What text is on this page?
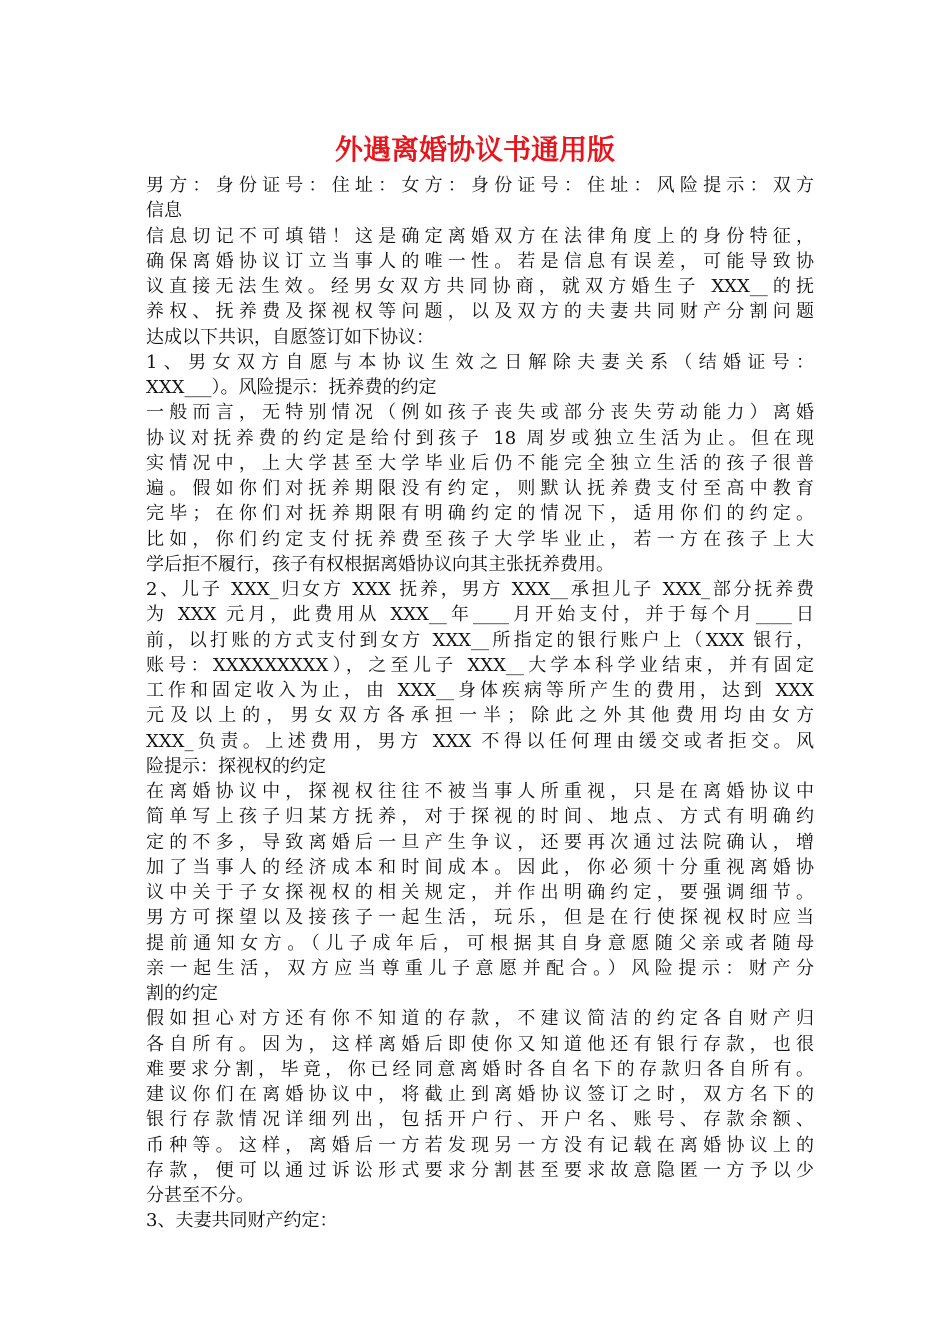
外遇离婚协议书通用版
男方：身份证号：住址：女方：身份证号：住址：风险提示：双方
信息
信息切记不可填错！这是确定离婚双方在法律角度上的身份特征，
确保离婚协议订立当事人的唯一性。若是信息有误差，可能导致协
议直接无法生效。经男女双方共同协商，就双方婚生子 XXX__的抚
养权、抚养费及探视权等问题，以及双方的夫妻共同财产分割问题
达成以下共识，自愿签订如下协议：
1、男女双方自愿与本协议生效之日解除夫妻关系（结婚证号：
XXX___）。风险提示：抚养费的约定
一般而言，无特别情况（例如孩子丧失或部分丧失劳动能力）离婚
协议对抚养费的约定是给付到孩子 18 周岁或独立生活为止。但在现
实情况中，上大学甚至大学毕业后仍不能完全独立生活的孩子很普
遍。假如你们对抚养期限没有约定，则默认抚养费支付至高中教育
完毕；在你们对抚养期限有明确约定的情况下，适用你们的约定。
比如，你们约定支付抚养费至孩子大学毕业止，若一方在孩子上大
学后拒不履行，孩子有权根据离婚协议向其主张抚养费用。
2、儿子 XXX_归女方 XXX 抚养，男方 XXX__承担儿子 XXX_部分抚养费
为 XXX 元月，此费用从 XXX__年____月开始支付，并于每个月____日
前，以打账的方式支付到女方 XXX__所指定的银行账户上（XXX 银行，
账号：XXXXXXXXX），之至儿子 XXX__大学本科学业结束，并有固定
工作和固定收入为止，由 XXX__身体疾病等所产生的费用，达到 XXX
元及以上的，男女双方各承担一半；除此之外其他费用均由女方
XXX_负责。上述费用，男方 XXX 不得以任何理由缓交或者拒交。风
险提示：探视权的约定
在离婚协议中，探视权往往不被当事人所重视，只是在离婚协议中
简单写上孩子归某方抚养，对于探视的时间、地点、方式有明确约
定的不多，导致离婚后一旦产生争议，还要再次通过法院确认，增
加了当事人的经济成本和时间成本。因此，你必须十分重视离婚协
议中关于子女探视权的相关规定，并作出明确约定，要强调细节。
男方可探望以及接孩子一起生活，玩乐，但是在行使探视权时应当
提前通知女方。（儿子成年后，可根据其自身意愿随父亲或者随母
亲一起生活，双方应当尊重儿子意愿并配合。）风险提示：财产分
割的约定
假如担心对方还有你不知道的存款，不建议简洁的约定各自财产归
各自所有。因为，这样离婚后即使你又知道他还有银行存款，也很
难要求分割，毕竟，你已经同意离婚时各自名下的存款归各自所有。
建议你们在离婚协议中，将截止到离婚协议签订之时，双方名下的
银行存款情况详细列出，包括开户行、开户名、账号、存款余额、
币种等。这样，离婚后一方若发现另一方没有记载在离婚协议上的
存款，便可以通过诉讼形式要求分割甚至要求故意隐匿一方予以少
分甚至不分。
3、夫妻共同财产约定：
